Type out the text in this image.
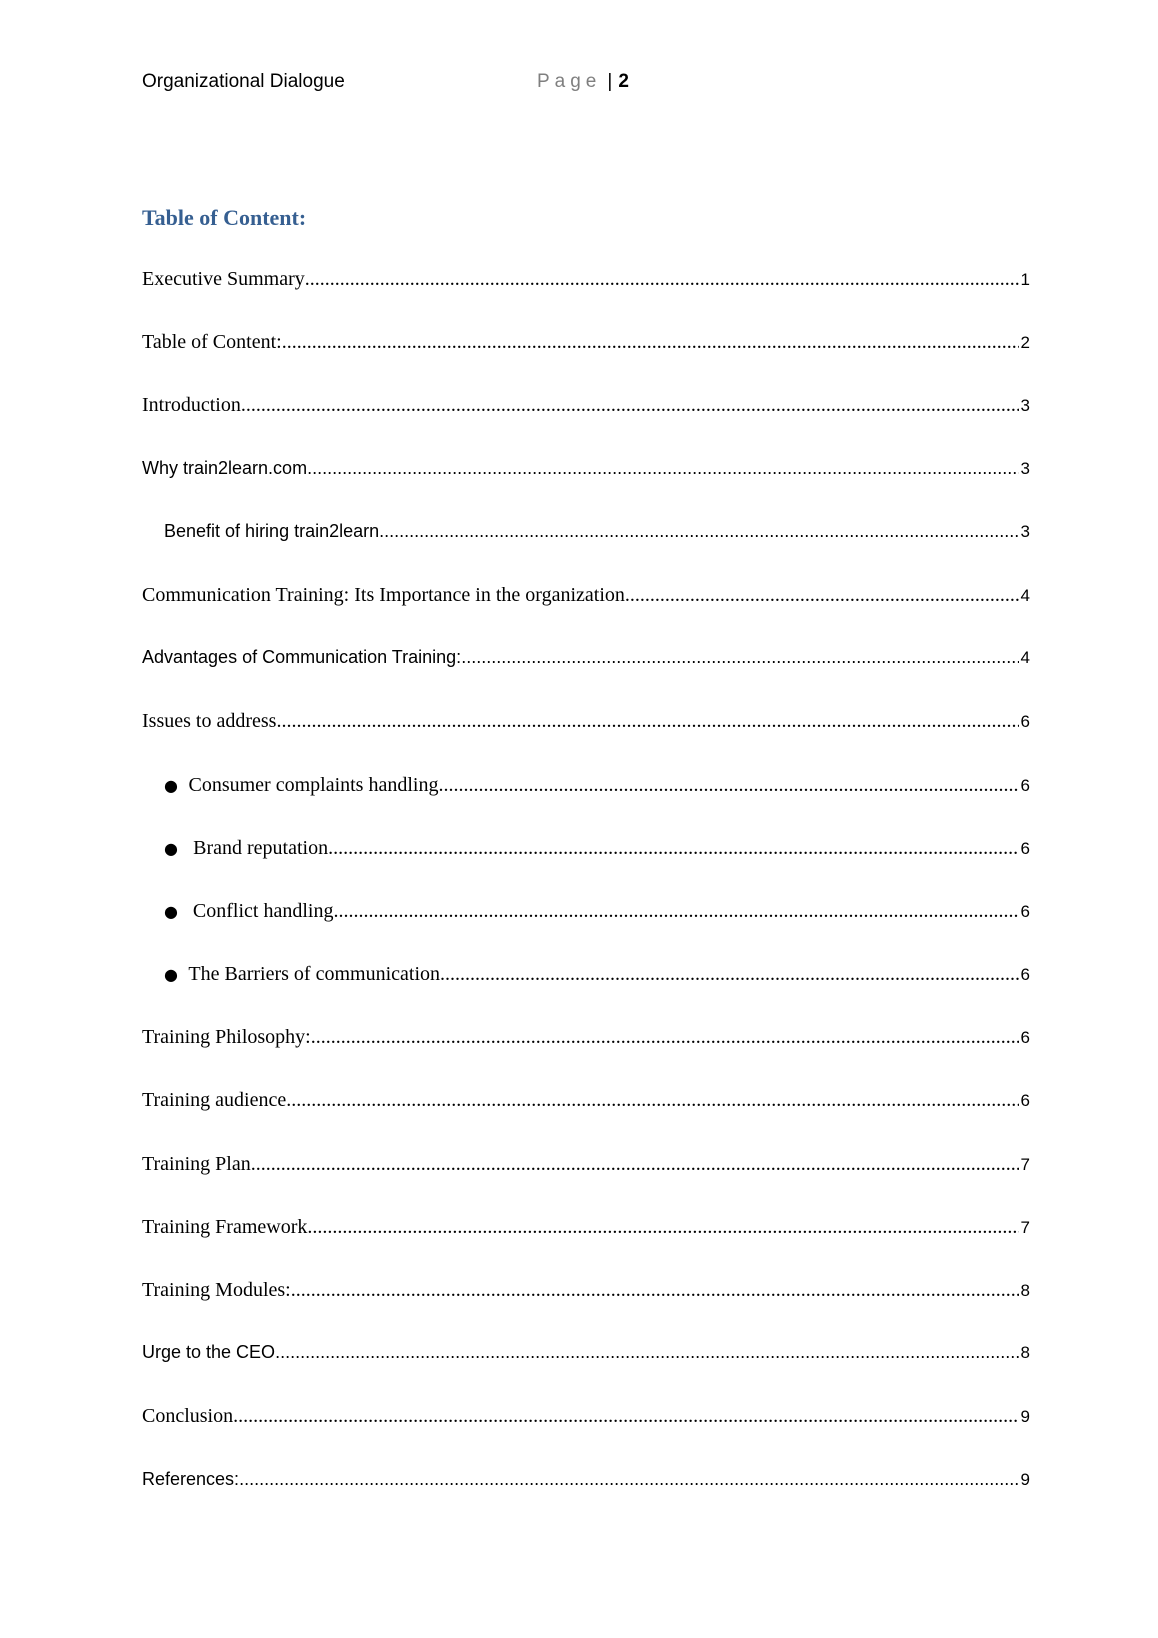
Organizational Dialogue	Page | 2
Table of Content:
Executive Summary .....	1
Table of Content: .....	2
Introduction .....	3
Why train2learn.com .....	3
Benefit of hiring train2learn .....	3
Communication Training: Its Importance in the organization .....	4
Advantages of Communication Training: .....	4
Issues to address .....	6
● Consumer complaints handling .....	6
● Brand reputation .....	6
● Conflict handling .....	6
● The Barriers of communication .....	6
Training Philosophy: .....	6
Training audience .....	6
Training Plan .....	7
Training Framework .....	7
Training Modules: .....	8
Urge to the CEO .....	8
Conclusion .....	9
References: .....	9
